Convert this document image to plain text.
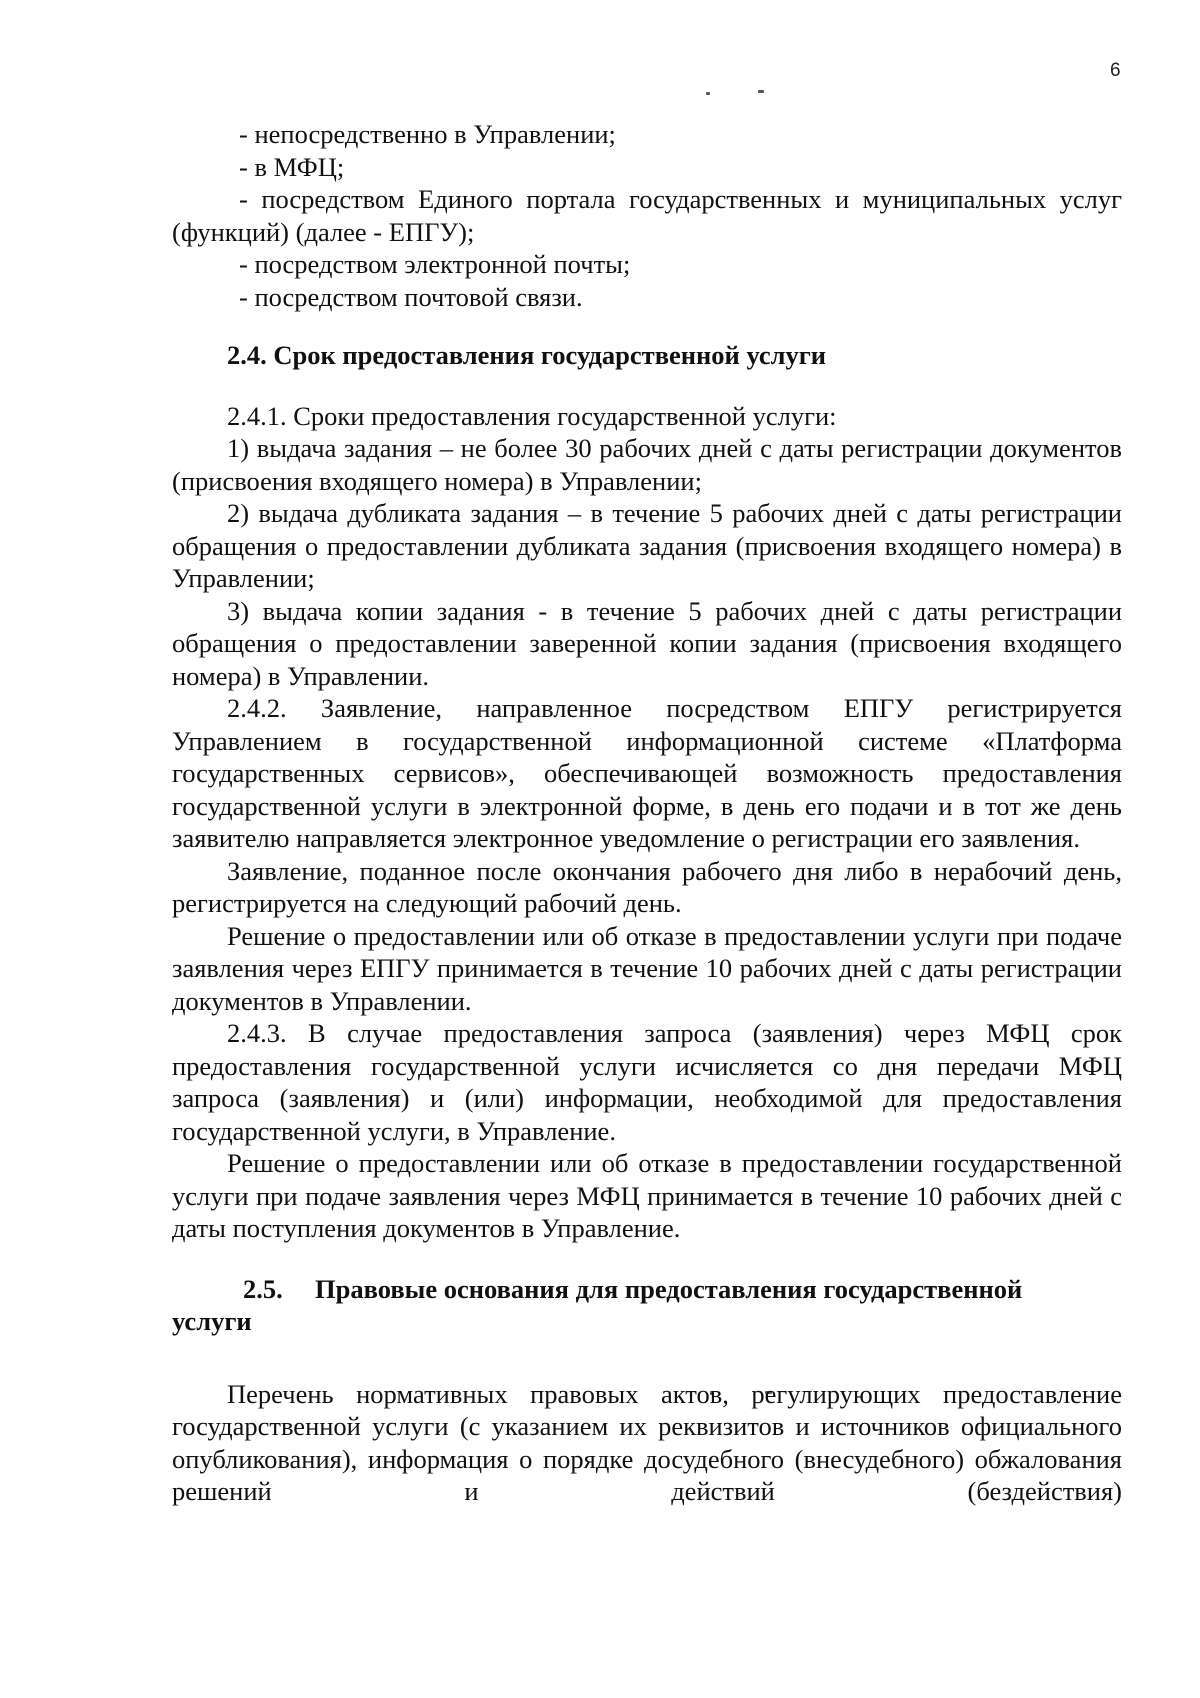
6

- непосредственно в Управлении;

- в МФЦ;

- посредством Единого портала государственных и муниципальных услуг (функций) (далее - ЕПГУ);

- посредством электронной почты;

- посредством почтовой связи.

2.4. Срок предоставления государственной услуги

2.4.1. Сроки предоставления государственной услуги:

1) выдача задания – не более 30 рабочих дней с даты регистрации документов (присвоения входящего номера) в Управлении;

2) выдача дубликата задания – в течение 5 рабочих дней с даты регистрации обращения о предоставлении дубликата задания (присвоения входящего номера) в Управлении;

3) выдача копии задания - в течение 5 рабочих дней с даты регистрации обращения о предоставлении заверенной копии задания (присвоения входящего номера) в Управлении.

2.4.2. Заявление, направленное посредством ЕПГУ регистрируется Управлением в государственной информационной системе «Платформа государственных сервисов», обеспечивающей возможность предоставления государственной услуги в электронной форме, в день его подачи и в тот же день заявителю направляется электронное уведомление о регистрации его заявления.

Заявление, поданное после окончания рабочего дня либо в нерабочий день, регистрируется на следующий рабочий день.

Решение о предоставлении или об отказе в предоставлении услуги при подаче заявления через ЕПГУ принимается в течение 10 рабочих дней с даты регистрации документов в Управлении.

2.4.3. В случае предоставления запроса (заявления) через МФЦ срок предоставления государственной услуги исчисляется со дня передачи МФЦ запроса (заявления) и (или) информации, необходимой для предоставления государственной услуги, в Управление.

Решение о предоставлении или об отказе в предоставлении государственной услуги при подаче заявления через МФЦ принимается в течение 10 рабочих дней с даты поступления документов в Управление.

2.5. Правовые основания для предоставления государственной
услуги

Перечень нормативных правовых актов, регулирующих предоставление государственной услуги (с указанием их реквизитов и источников официального опубликования), информация о порядке досудебного (внесудебного) обжалования решений и действий (бездействия)
